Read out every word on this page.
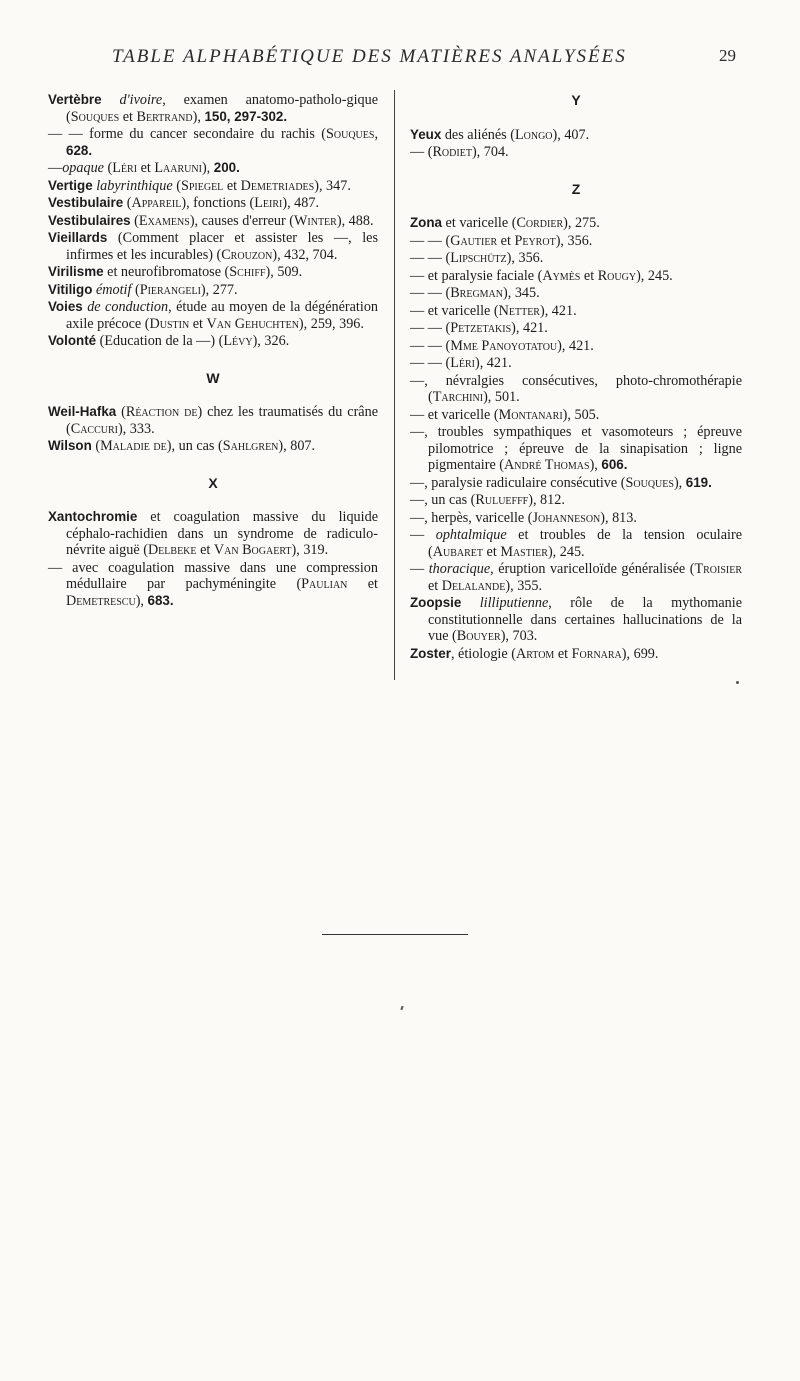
TABLE ALPHABÉTIQUE DES MATIÈRES ANALYSÉES	29

Vertèbre d'ivoire, examen anatomo-patholo-gique (Souques et Bertrand), 150, 297-302.

— — forme du cancer secondaire du rachis (Souques, 628.

—opaque (Léri et Laaruni), 200.

Vertige labyrinthique (Spiegel et Demetriades), 347.

Vestibulaire (Appareil), fonctions (Leiri), 487.

Vestibulaires (Examens), causes d'erreur (Winter), 488.

Vieillards (Comment placer et assister les —, les infirmes et les incurables) (Crouzon), 432, 704.

Virilisme et neurofibromatose (Schiff), 509.

Vitiligo émotif (Pierangeli), 277.

Voies de conduction, étude au moyen de la dégénération axile précoce (Dustin et Van Gehuchten), 259, 396.

Volonté (Education de la —) (Lévy), 326.

W

Weil-Hafka (Réaction de) chez les traumatisés du crâne (Caccuri), 333.

Wilson (Maladie de), un cas (Sahlgren), 807.

X

Xantochromie et coagulation massive du liquide céphalo-rachidien dans un syndrome de radiculo-névrite aiguë (Delbeke et Van Bogaert), 319.

— avec coagulation massive dans une compression médullaire par pachyméningite (Paulian et Demetrescu), 683.

Y

Yeux des aliénés (Longo), 407.

— (Rodiet), 704.

Z

Zona et varicelle (Cordier), 275.

— — (Gautier et Peyrot), 356.

— — (Lipschütz), 356.

— et paralysie faciale (Aymès et Rougy), 245.

— — (Bregman), 345.

— et varicelle (Netter), 421.

— — (Petzetakis), 421.

— — (Mme Panoyotatou), 421.

— — (Léri), 421.

—, névralgies consécutives, photo-chromothérapie (Tarchini), 501.

— et varicelle (Montanari), 505.

—, troubles sympathiques et vasomoteurs ; épreuve pilomotrice ; épreuve de la sinapisation ; ligne pigmentaire (André Thomas), 606.

—, paralysie radiculaire consécutive (Souques), 619.

—, un cas (Ruluefff), 812.

—, herpès, varicelle (Johanneson), 813.

— ophtalmique et troubles de la tension oculaire (Aubaret et Mastier), 245.

— thoracique, éruption varicelloïde généralisée (Troisier et Delalande), 355.

Zoopsie lilliputienne, rôle de la mythomanie constitutionnelle dans certaines hallucinations de la vue (Bouyer), 703.

Zoster, étiologie (Artom et Fornara), 699.
